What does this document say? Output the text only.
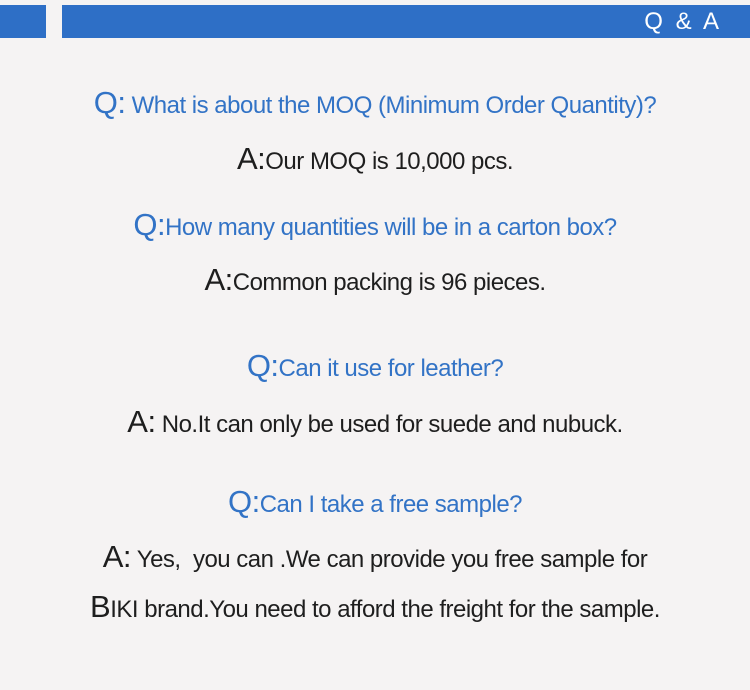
Q & A
Q: What is about the MOQ (Minimum Order Quantity)?
A:Our MOQ is 10,000 pcs.
Q:How many quantities will be in a carton box?
A:Common packing is 96 pieces.
Q:Can it use for leather?
A: No.It can only be used for suede and nubuck.
Q:Can I take a free sample?
A: Yes,  you can .We can provide you free sample for
BIKI brand.You need to afford the freight for the sample.
